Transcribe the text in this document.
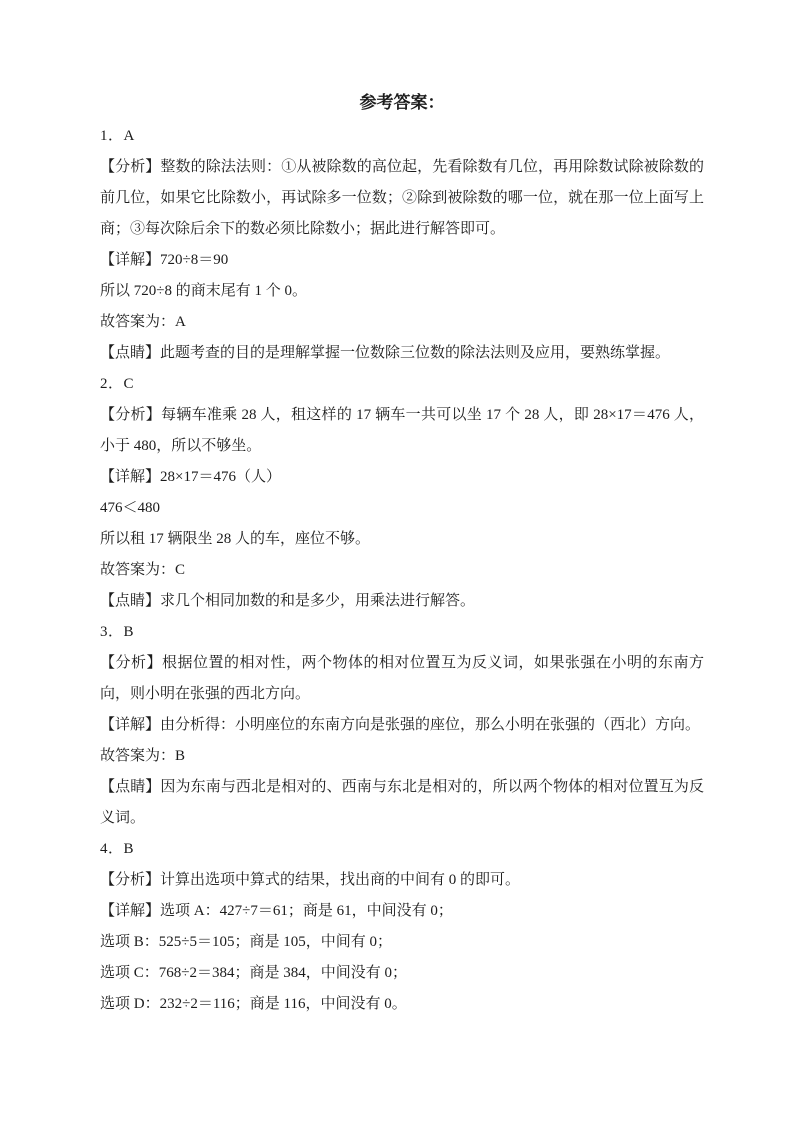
参考答案：

1．A

【分析】整数的除法法则：①从被除数的高位起，先看除数有几位，再用除数试除被除数的前几位，如果它比除数小，再试除多一位数；②除到被除数的哪一位，就在那一位上面写上商；③每次除后余下的数必须比除数小；据此进行解答即可。

【详解】720÷8＝90

所以 720÷8 的商末尾有 1 个 0。

故答案为：A

【点睛】此题考查的目的是理解掌握一位数除三位数的除法法则及应用，要熟练掌握。

2．C

【分析】每辆车准乘 28 人，租这样的 17 辆车一共可以坐 17 个 28 人，即 28×17＝476 人，小于 480，所以不够坐。

【详解】28×17＝476（人）

476＜480

所以租 17 辆限坐 28 人的车，座位不够。

故答案为：C

【点睛】求几个相同加数的和是多少，用乘法进行解答。

3．B

【分析】根据位置的相对性，两个物体的相对位置互为反义词，如果张强在小明的东南方向，则小明在张强的西北方向。

【详解】由分析得：小明座位的东南方向是张强的座位，那么小明在张强的（西北）方向。

故答案为：B

【点睛】因为东南与西北是相对的、西南与东北是相对的，所以两个物体的相对位置互为反义词。

4．B

【分析】计算出选项中算式的结果，找出商的中间有 0 的即可。

【详解】选项 A：427÷7＝61；商是 61，中间没有 0；

选项 B：525÷5＝105；商是 105，中间有 0；

选项 C：768÷2＝384；商是 384，中间没有 0；

选项 D：232÷2＝116；商是 116，中间没有 0。
